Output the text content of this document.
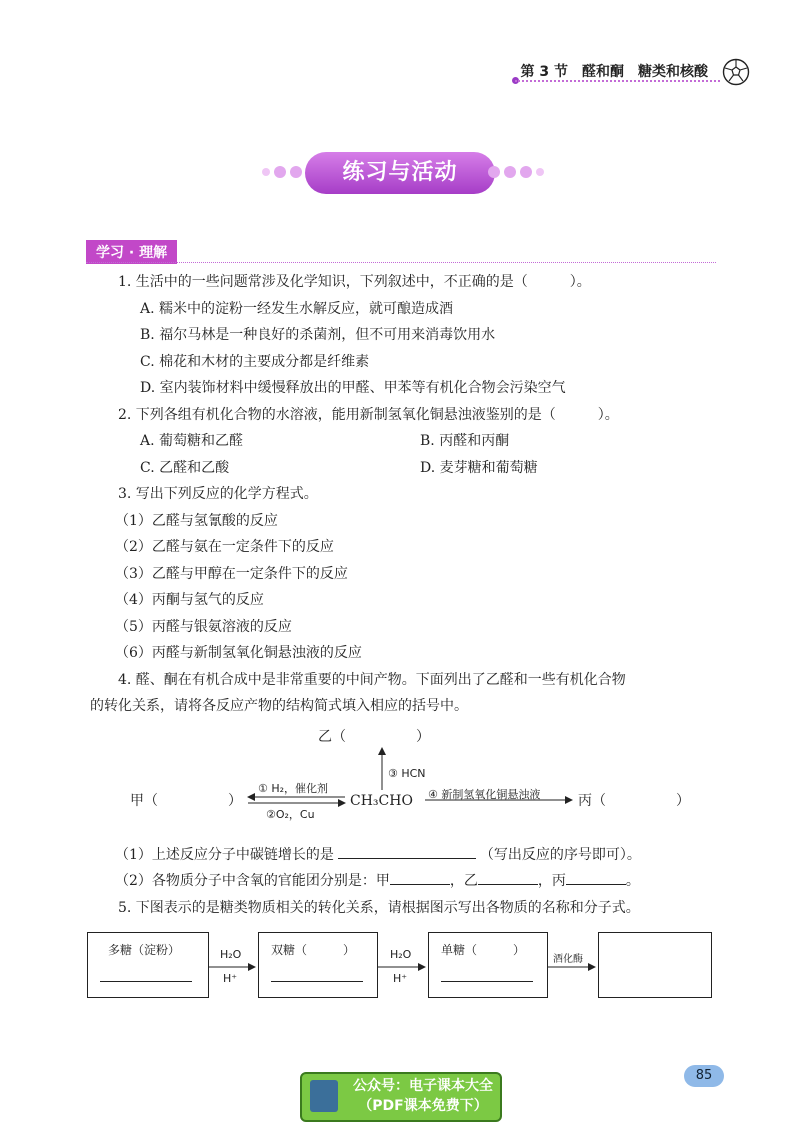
第 3 节　醛和酮　糖类和核酸
练习与活动
学习 · 理解
1. 生活中的一些问题常涉及化学知识，下列叙述中，不正确的是（　　　）。
A. 糯米中的淀粉一经发生水解反应，就可酿造成酒
B. 福尔马林是一种良好的杀菌剂，但不可用来消毒饮用水
C. 棉花和木材的主要成分都是纤维素
D. 室内装饰材料中缓慢释放出的甲醛、甲苯等有机化合物会污染空气
2. 下列各组有机化合物的水溶液，能用新制氢氧化铜悬浊液鉴别的是（　　　）。
A. 葡萄糖和乙醛	B. 丙醛和丙酮
C. 乙醛和乙酸	D. 麦芽糖和葡萄糖
3. 写出下列反应的化学方程式。
（1）乙醛与氢氰酸的反应
（2）乙醛与氨在一定条件下的反应
（3）乙醛与甲醇在一定条件下的反应
（4）丙酮与氢气的反应
（5）丙醛与银氨溶液的反应
（6）丙醛与新制氢氧化铜悬浊液的反应
4. 醛、酮在有机合成中是非常重要的中间产物。下面列出了乙醛和一些有机化合物
的转化关系，请将各反应产物的结构简式填入相应的括号中。
乙（　　　　　）
甲（　　　　　）	CH₃CHO	丙（　　　　　）
① H₂，催化剂
②O₂，Cu
③ HCN
④ 新制氢氧化铜悬浊液
（1）上述反应分子中碳链增长的是	（写出反应的序号即可）。
（2）各物质分子中含氧的官能团分别是：甲	，乙	，丙	。
5. 下图表示的是糖类物质相关的转化关系，请根据图示写出各物质的名称和分子式。
多糖（淀粉）	双糖（　　　）	单糖（　　　）
H₂O
H⁺
H₂O
H⁺
酒化酶
85
公众号：电子课本大全
（PDF课本免费下）
